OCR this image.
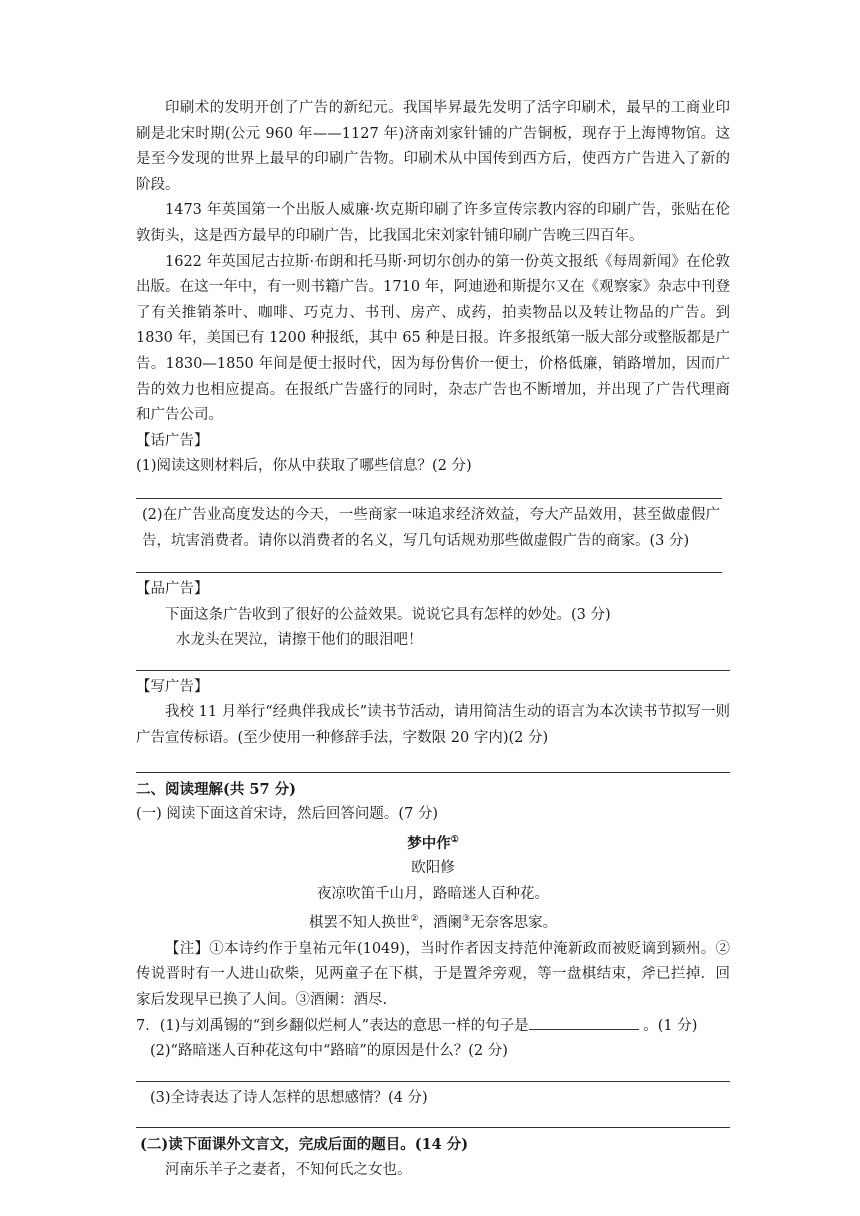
印刷术的发明开创了广告的新纪元。我国毕昇最先发明了活字印刷术，最早的工商业印刷是北宋时期(公元 960 年——1127 年)济南刘家针铺的广告铜板，现存于上海博物馆。这是至今发现的世界上最早的印刷广告物。印刷术从中国传到西方后，使西方广告进入了新的阶段。

1473 年英国第一个出版人威廉·坎克斯印刷了许多宣传宗教内容的印刷广告，张贴在伦敦街头，这是西方最早的印刷广告，比我国北宋刘家针铺印刷广告晚三四百年。

1622 年英国尼古拉斯·布朗和托马斯·珂切尔创办的第一份英文报纸《每周新闻》在伦敦出版。在这一年中，有一则书籍广告。1710 年，阿迪逊和斯提尔又在《观察家》杂志中刊登了有关推销茶叶、咖啡、巧克力、书刊、房产、成药，拍卖物品以及转让物品的广告。到 1830 年，美国已有 1200 种报纸，其中 65 种是日报。许多报纸第一版大部分或整版都是广告。1830—1850 年间是便士报时代，因为每份售价一便士，价格低廉，销路增加，因而广告的效力也相应提高。在报纸广告盛行的同时，杂志广告也不断增加，并出现了广告代理商和广告公司。

【话广告】

(1)阅读这则材料后，你从中获取了哪些信息？(2 分)

(2)在广告业高度发达的今天，一些商家一味追求经济效益，夸大产品效用，甚至做虚假广告，坑害消费者。请你以消费者的名义，写几句话规劝那些做虚假广告的商家。(3 分)

【品广告】

下面这条广告收到了很好的公益效果。说说它具有怎样的妙处。(3 分)

水龙头在哭泣，请擦干他们的眼泪吧！

【写广告】

我校 11 月举行“经典伴我成长”读书节活动，请用简洁生动的语言为本次读书节拟写一则广告宣传标语。(至少使用一种修辞手法，字数限 20 字内)(2 分)

二、阅读理解(共 57 分)

(一) 阅读下面这首宋诗，然后回答问题。(7 分)

梦中作①

欧阳修

夜凉吹笛千山月，路暗迷人百种花。

棋罢不知人换世②，酒阑③无奈客思家。

【注】①本诗约作于皇祐元年(1049)，当时作者因支持范仲淹新政而被贬谪到颍州。②传说晋时有一人进山砍柴，见两童子在下棋，于是置斧旁观，等一盘棋结束，斧已拦掉．回家后发现早已换了人间。③酒阑：酒尽.

7．(1)与刘禹锡的“到乡翻似烂柯人”表达的意思一样的句子是	。(1 分)

(2)“路暗迷人百种花这句中“路暗”的原因是什么？(2 分)

(3)全诗表达了诗人怎样的思想感情？(4 分)

(二)读下面课外文言文，完成后面的题目。(14 分)

河南乐羊子之妻者，不知何氏之女也。
